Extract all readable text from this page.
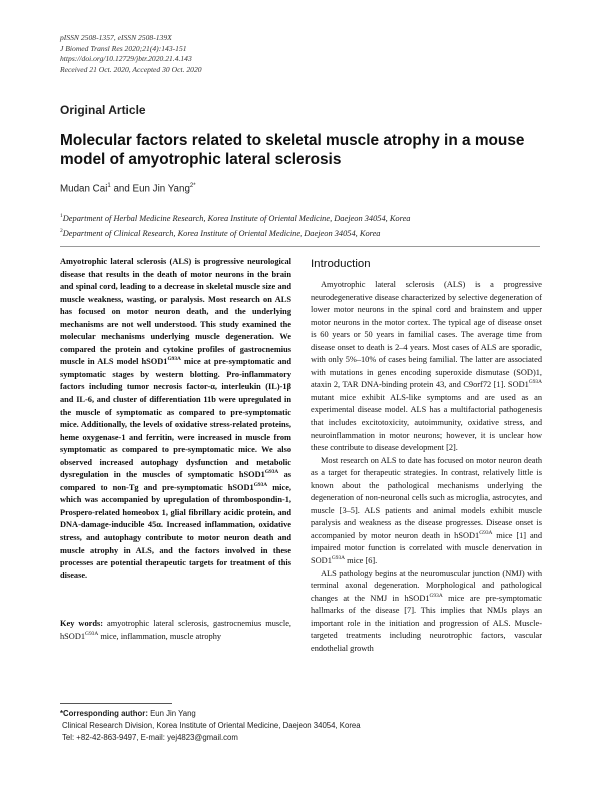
pISSN 2508-1357, eISSN 2508-139X
J Biomed Transl Res 2020;21(4):143-151
https://doi.org/10.12729/jbtr.2020.21.4.143
Received 21 Oct. 2020, Accepted 30 Oct. 2020
Original Article
Molecular factors related to skeletal muscle atrophy in a mouse model of amyotrophic lateral sclerosis
Mudan Cai$^1$ and Eun Jin Yang$^{2*}$
$^1$Department of Herbal Medicine Research, Korea Institute of Oriental Medicine, Daejeon 34054, Korea
$^2$Department of Clinical Research, Korea Institute of Oriental Medicine, Daejeon 34054, Korea

Amyotrophic lateral sclerosis (ALS) is progressive neurological disease that results in the death of motor neurons in the brain and spinal cord, leading to a decrease in skeletal muscle size and muscle weakness, wasting, or paralysis. Most research on ALS has focused on motor neuron death, and the underlying mechanisms are not well understood. This study examined the molecular mechanisms underlying muscle degeneration. We compared the protein and cytokine profiles of gastrocnemius muscle in ALS model $hSOD1^{G93A}$ mice at pre-symptomatic and symptomatic stages by western blotting. Pro-inflammatory factors including tumor necrosis factor-α, interleukin (IL)-1β and IL-6, and cluster of differentiation 11b were upregulated in the muscle of symptomatic as compared to pre-symptomatic mice. Additionally, the levels of oxidative stress-related proteins, heme oxygenase-1 and ferritin, were increased in muscle from symptomatic as compared to pre-symptomatic mice. We also observed increased autophagy dysfunction and metabolic dysregulation in the muscles of symptomatic $hSOD1^{G93A}$ as compared to non-Tg and pre-symptomatic $hSOD1^{G93A}$ mice, which was accompanied by upregulation of thrombospondin-1, Prospero-related homeobox 1, glial fibrillary acidic protein, and DNA-damage-inducible 45α. Increased inflammation, oxidative stress, and autophagy contribute to motor neuron death and muscle atrophy in ALS, and the factors involved in these processes are potential therapeutic targets for treatment of this disease.

Key words: amyotrophic lateral sclerosis, gastrocnemius muscle, $hSOD1^{G93A}$ mice, inflammation, muscle atrophy

Introduction

Amyotrophic lateral sclerosis (ALS) is a progressive neurodegenerative disease characterized by selective degeneration of lower motor neurons in the spinal cord and brainstem and upper motor neurons in the motor cortex. The typical age of disease onset is 60 years or 50 years in familial cases. The average time from disease onset to death is 2–4 years. Most cases of ALS are sporadic, with only 5%–10% of cases being familial. The latter are associated with mutations in genes encoding superoxide dismutase (SOD)1, ataxin 2, TAR DNA-binding protein 43, and C9orf72 [1]. $SOD1^{G93A}$ mutant mice exhibit ALS-like symptoms and are used as an experimental disease model. ALS has a multifactorial pathogenesis that includes excitotoxicity, autoimmunity, oxidative stress, and neuroinflammation in motor neurons; however, it is unclear how these contribute to disease development [2].

Most research on ALS to date has focused on motor neuron death as a target for therapeutic strategies. In contrast, relatively little is known about the pathological mechanisms underlying the degeneration of non-neuronal cells such as microglia, astrocytes, and muscle [3–5]. ALS patients and animal models exhibit muscle paralysis and weakness as the disease progresses. Disease onset is accompanied by motor neuron death in $hSOD1^{G93A}$ mice [1] and impaired motor function is correlated with muscle denervation in $SOD1^{G93A}$ mice [6].

ALS pathology begins at the neuromuscular junction (NMJ) with terminal axonal degeneration. Morphological and pathological changes at the NMJ in $hSOD1^{G93A}$ mice are pre-symptomatic hallmarks of the disease [7]. This implies that NMJs plays an important role in the initiation and progression of ALS. Muscle-targeted treatments including neurotrophic factors, vascular endothelial growth

*Corresponding author: Eun Jin Yang
Clinical Research Division, Korea Institute of Oriental Medicine, Daejeon 34054, Korea
Tel: +82-42-863-9497, E-mail: yej4823@gmail.com
